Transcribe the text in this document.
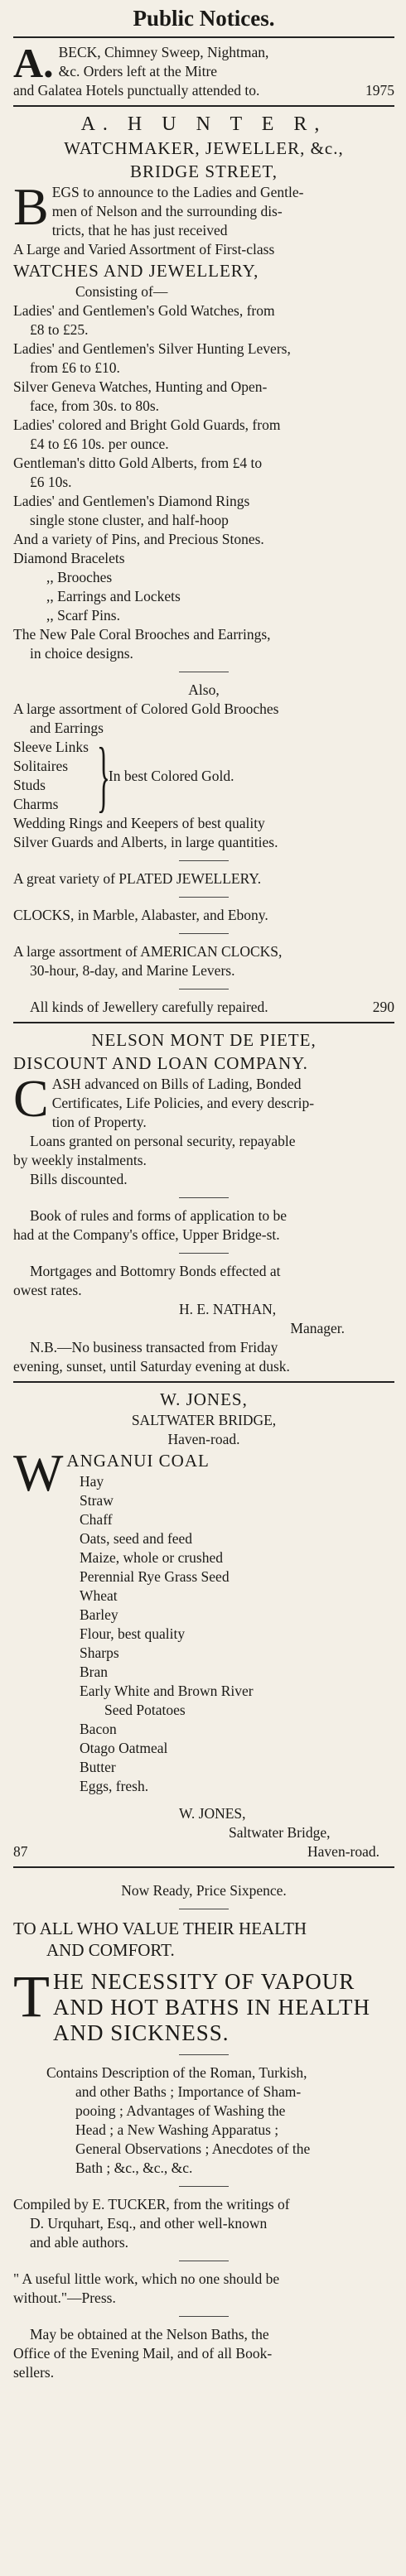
Public Notices.
A. BECK, Chimney Sweep, Nightman,
&c. Orders left at the Mitre
and Galatea Hotels punctually attended to.	1975
A. H U N T E R,
WATCHMAKER, JEWELLER, &c.,
BRIDGE STREET,
B EGS to announce to the Ladies and Gentle-
men of Nelson and the surrounding dis-
tricts, that he has just received
A Large and Varied Assortment of First-class
WATCHES AND JEWELLERY,
Consisting of—
Ladies' and Gentlemen's Gold Watches, from
£8 to £25.
Ladies' and Gentlemen's Silver Hunting Levers,
from £6 to £10.
Silver Geneva Watches, Hunting and Open-
face, from 30s. to 80s.
Ladies' colored and Bright Gold Guards, from
£4 to £6 10s. per ounce.
Gentleman's ditto Gold Alberts, from £4 to
£6 10s.
Ladies' and Gentlemen's Diamond Rings
single stone cluster, and half-hoop
And a variety of Pins, and Precious Stones.
Diamond Bracelets
,, Brooches
,, Earrings and Lockets
,, Scarf Pins.
The New Pale Coral Brooches and Earrings,
in choice designs.
Also,
A large assortment of Colored Gold Brooches
and Earrings
Sleeve Links
Solitaires
Studs
Charms }
In best Colored Gold.
Wedding Rings and Keepers of best quality
Silver Guards and Alberts, in large quantities.
A great variety of PLATED JEWELLERY.
CLOCKS, in Marble, Alabaster, and Ebony.
A large assortment of AMERICAN CLOCKS,
30-hour, 8-day, and Marine Levers.
All kinds of Jewellery carefully repaired.	290
NELSON MONT DE PIETE,
DISCOUNT AND LOAN COMPANY.
C ASH advanced on Bills of Lading, Bonded
Certificates, Life Policies, and every descrip-
tion of Property.
Loans granted on personal security, repayable
by weekly instalments.
Bills discounted.
Book of rules and forms of application to be
had at the Company's office, Upper Bridge-st.
Mortgages and Bottomry Bonds effected at
owest rates.
H. E. NATHAN,
Manager.
N.B.—No business transacted from Friday
evening, sunset, until Saturday evening at dusk.
W. JONES,
SALTWATER BRIDGE,
Haven-road.
W ANGANUI COAL
Hay
Straw
Chaff
Oats, seed and feed
Maize, whole or crushed
Perennial Rye Grass Seed
Wheat
Barley
Flour, best quality
Sharps
Bran
Early White and Brown River
Seed Potatoes
Bacon
Otago Oatmeal
Butter
Eggs, fresh.
W. JONES,
Saltwater Bridge,
87	Haven-road.
Now Ready, Price Sixpence.
TO ALL WHO VALUE THEIR HEALTH
AND COMFORT.
T HE NECESSITY OF VAPOUR
AND HOT BATHS IN HEALTH
AND SICKNESS.
Contains Description of the Roman, Turkish,
and other Baths ; Importance of Sham-
pooing ; Advantages of Washing the
Head ; a New Washing Apparatus ;
General Observations ; Anecdotes of the
Bath ; &c., &c., &c.
Compiled by E. TUCKER, from the writings of
D. Urquhart, Esq., and other well-known
and able authors.
" A useful little work, which no one should be
without."—Press.
May be obtained at the Nelson Baths, the
Office of the Evening Mail, and of all Book-
sellers.
